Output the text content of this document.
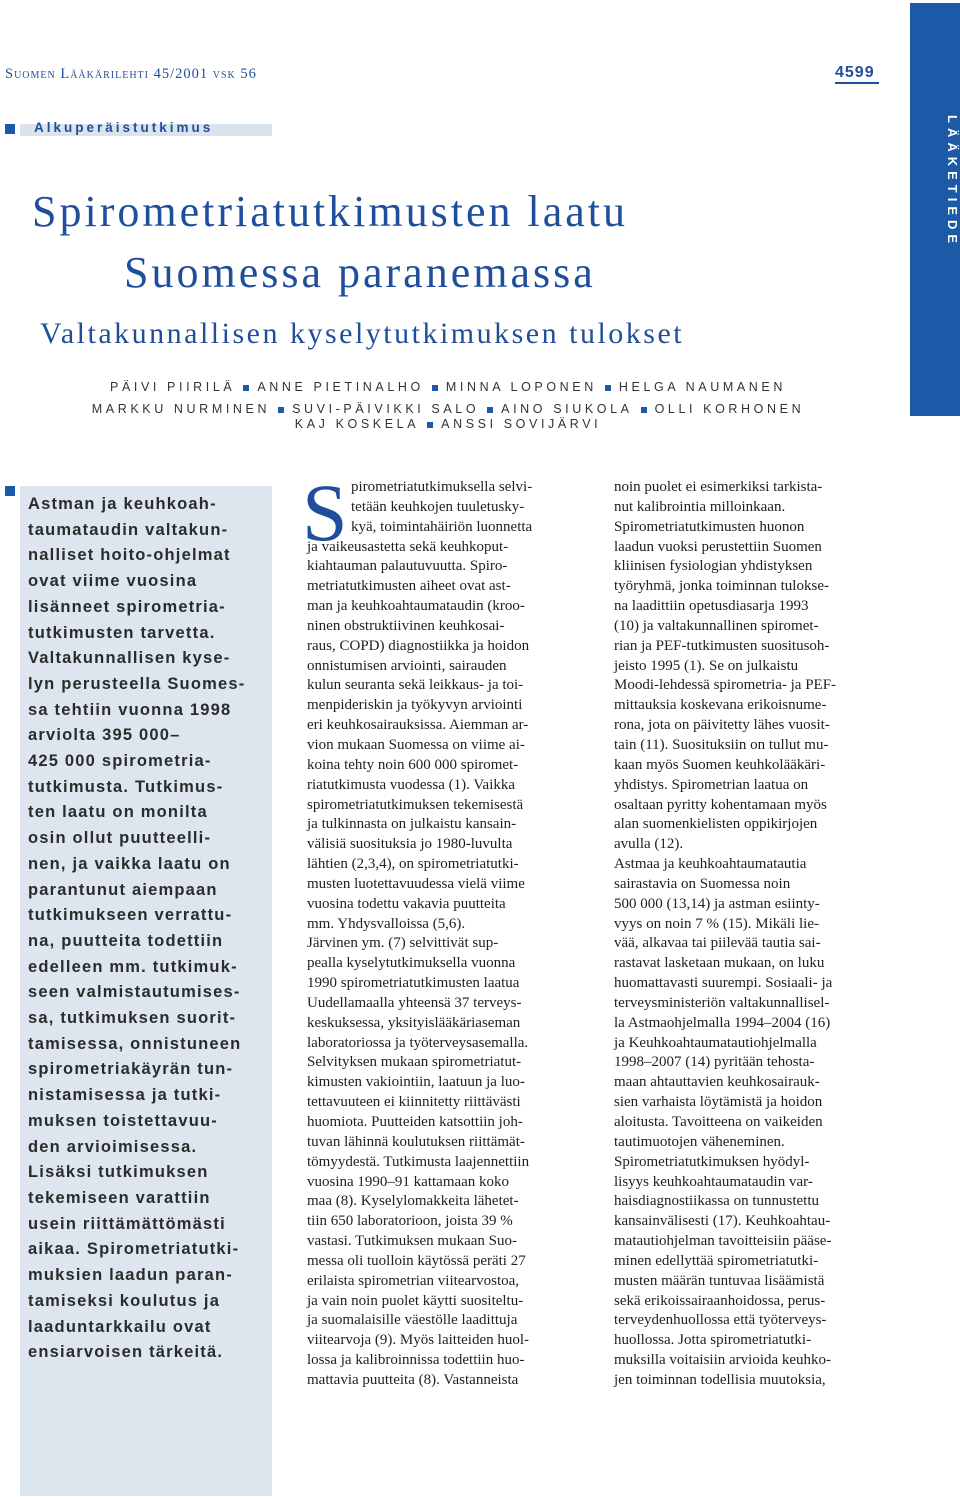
Suomen Lääkärilehti 45/2001 vsk 56	4599
LÄÄKETIEDE
Alkuperäistutkimus
Spirometriatutkimusten laatu
Suomessa paranemassa
Valtakunnallisen kyselytutkimuksen tulokset
PÄIVI PIIRILÄ ANNE PIETINALHO MINNA LOPONEN HELGA NAUMANEN
MARKKU NURMINEN SUVI-PÄIVIKKI SALO AINO SIUKOLA OLLI KORHONEN
KAJ KOSKELA ANSSI SOVIJÄRVI
Astman ja keuhkoah-
taumataudin valtakun-
nalliset hoito-ohjelmat
ovat viime vuosina
lisänneet spirometria-
tutkimusten tarvetta.
Valtakunnallisen kyse-
lyn perusteella Suomes-
sa tehtiin vuonna 1998
arviolta 395 000–
425 000 spirometria-
tutkimusta. Tutkimus-
ten laatu on monilta
osin ollut puutteelli-
nen, ja vaikka laatu on
parantunut aiempaan
tutkimukseen verrattu-
na, puutteita todettiin
edelleen mm. tutkimuk-
seen valmistautumises-
sa, tutkimuksen suorit-
tamisessa, onnistuneen
spirometriakäyrän tun-
nistamisessa ja tutki-
muksen toistettavuu-
den arvioimisessa.
Lisäksi tutkimuksen
tekemiseen varattiin
usein riittämättömästi
aikaa. Spirometriatutki-
muksien laadun paran-
tamiseksi koulutus ja
laaduntarkkailu ovat
ensiarvoisen tärkeitä.
S pirometriatutkimuksella selvi-
tetään keuhkojen tuuletusky-
kyä, toimintahäiriön luonnetta
ja vaikeusastetta sekä keuhkoput-
kiahtauman palautuvuutta. Spiro-
metriatutkimusten aiheet ovat ast-
man ja keuhkoahtaumataudin (kroo-
ninen obstruktiivinen keuhkosai-
raus, COPD) diagnostiikka ja hoidon
onnistumisen arviointi, sairauden
kulun seuranta sekä leikkaus- ja toi-
menpideriskin ja työkyvyn arviointi
eri keuhkosairauksissa. Aiemman ar-
vion mukaan Suomessa on viime ai-
koina tehty noin 600 000 spiromet-
riatutkimusta vuodessa (1). Vaikka
spirometriatutkimuksen tekemisestä
ja tulkinnasta on julkaistu kansain-
välisiä suosituksia jo 1980-luvulta
lähtien (2,3,4), on spirometriatutki-
musten luotettavuudessa vielä viime
vuosina todettu vakavia puutteita
mm. Yhdysvalloissa (5,6).
Järvinen ym. (7) selvittivät sup-
pealla kyselytutkimuksella vuonna
1990 spirometriatutkimusten laatua
Uudellamaalla yhteensä 37 terveys-
keskuksessa, yksityislääkäriaseman
laboratoriossa ja työterveysasemalla.
Selvityksen mukaan spirometriatut-
kimusten vakiointiin, laatuun ja luo-
tettavuuteen ei kiinnitetty riittävästi
huomiota. Puutteiden katsottiin joh-
tuvan lähinnä koulutuksen riittämät-
tömyydestä. Tutkimusta laajennettiin
vuosina 1990–91 kattamaan koko
maa (8). Kyselylomakkeita lähetet-
tiin 650 laboratorioon, joista 39 %
vastasi. Tutkimuksen mukaan Suo-
messa oli tuolloin käytössä peräti 27
erilaista spirometrian viitearvostoa,
ja vain noin puolet käytti suositeltu-
ja suomalaisille väestölle laadittuja
viitearvoja (9). Myös laitteiden huol-
lossa ja kalibroinnissa todettiin huo-
mattavia puutteita (8). Vastanneista
noin puolet ei esimerkiksi tarkista-
nut kalibrointia milloinkaan.
Spirometriatutkimusten huonon
laadun vuoksi perustettiin Suomen
kliinisen fysiologian yhdistyksen
työryhmä, jonka toiminnan tulokse-
na laadittiin opetusdiasarja 1993
(10) ja valtakunnallinen spiromet-
rian ja PEF-tutkimusten suositusoh-
jeisto 1995 (1). Se on julkaistu
Moodi-lehdessä spirometria- ja PEF-
mittauksia koskevana erikoisnume-
rona, jota on päivitetty lähes vuosit-
tain (11). Suosituksiin on tullut mu-
kaan myös Suomen keuhkolääkäri-
yhdistys. Spirometrian laatua on
osaltaan pyritty kohentamaan myös
alan suomenkielisten oppikirjojen
avulla (12).
Astmaa ja keuhkoahtaumatautia
sairastavia on Suomessa noin
500 000 (13,14) ja astman esiinty-
vyys on noin 7 % (15). Mikäli lie-
vää, alkavaa tai piilevää tautia sai-
rastavat lasketaan mukaan, on luku
huomattavasti suurempi. Sosiaali- ja
terveysministeriön valtakunnallisel-
la Astmaohjelmalla 1994–2004 (16)
ja Keuhkoahtaumatautiohjelmalla
1998–2007 (14) pyritään tehosta-
maan ahtauttavien keuhkosairauk-
sien varhaista löytämistä ja hoidon
aloitusta. Tavoitteena on vaikeiden
tautimuotojen väheneminen.
Spirometriatutkimuksen hyödyl-
lisyys keuhkoahtaumataudin var-
haisdiagnostiikassa on tunnustettu
kansainvälisesti (17). Keuhkoahtau-
matautiohjelman tavoitteisiin pääse-
minen edellyttää spirometriatutki-
musten määrän tuntuvaa lisäämistä
sekä erikoissairaanhoidossa, perus-
terveydenhuollossa että työterveys-
huollossa. Jotta spirometriatutki-
muksilla voitaisiin arvioida keuhko-
jen toiminnan todellisia muutoksia,
